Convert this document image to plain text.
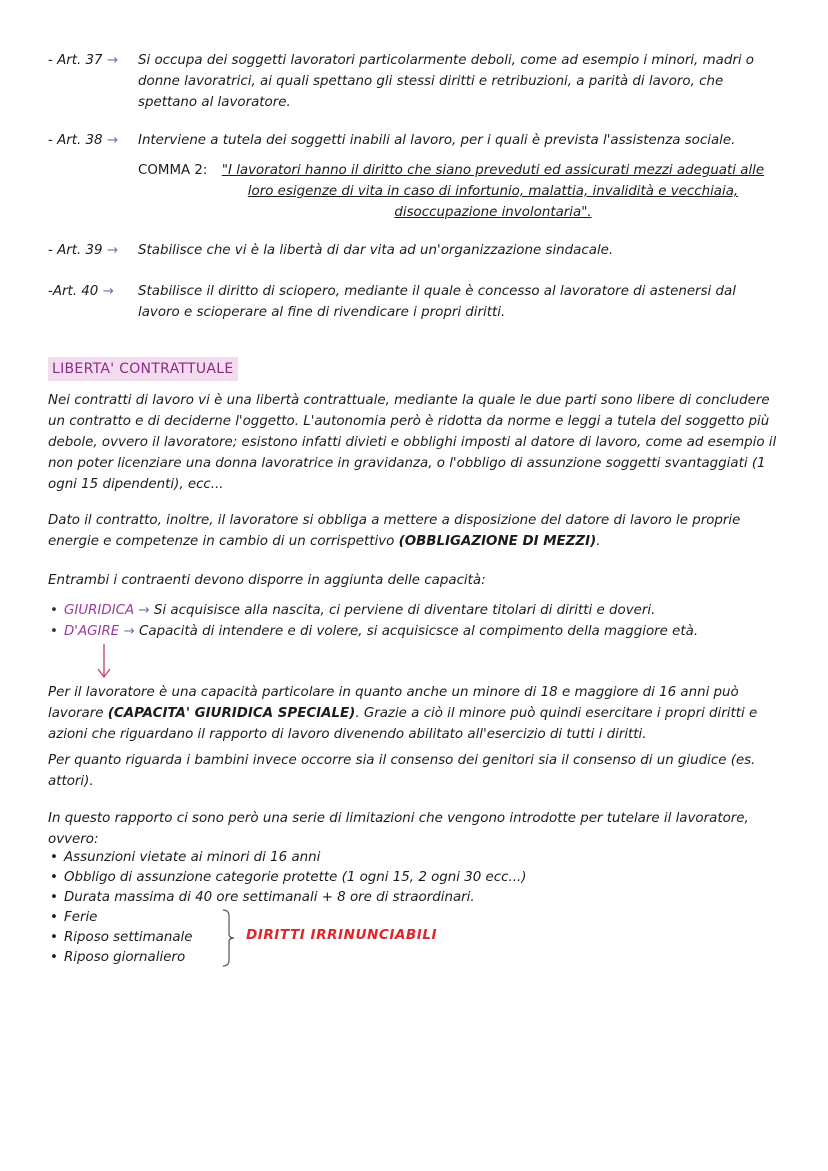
- Art. 37 → Si occupa dei soggetti lavoratori particolarmente deboli, come ad esempio i minori, madri o donne lavoratrici, ai quali spettano gli stessi diritti e retribuzioni, a parità di lavoro, che spettano al lavoratore.
- Art. 38 → Interviene a tutela dei soggetti inabili al lavoro, per i quali è prevista l'assistenza sociale.
COMMA 2:	"I lavoratori hanno il diritto che siano preveduti ed assicurati mezzi adeguati alle loro esigenze di vita in caso di infortunio, malattia, invalidità e vecchiaia, disoccupazione involontaria".
- Art. 39 → Stabilisce che vi è la libertà di dar vita ad un'organizzazione sindacale.
-Art. 40 → Stabilisce il diritto di sciopero, mediante il quale è concesso al lavoratore di astenersi dal lavoro e scioperare al fine di rivendicare i propri diritti.
LIBERTA' CONTRATTUALE
Nei contratti di lavoro vi è una libertà contrattuale, mediante la quale le due parti sono libere di concludere un contratto e di deciderne l'oggetto. L'autonomia però è ridotta da norme e leggi a tutela del soggetto più debole, ovvero il lavoratore; esistono infatti divieti e obblighi imposti al datore di lavoro, come ad esempio il non poter licenziare una donna lavoratrice in gravidanza, o l'obbligo di assunzione soggetti svantaggiati (1 ogni 15 dipendenti), ecc...
Dato il contratto, inoltre, il lavoratore si obbliga a mettere a disposizione del datore di lavoro le proprie energie e competenze in cambio di un corrispettivo (OBBLIGAZIONE DI MEZZI).
Entrambi i contraenti devono disporre in aggiunta delle capacità:
• GIURIDICA → Si acquisisce alla nascita, ci perviene di diventare titolari di diritti e doveri.
• D'AGIRE → Capacità di intendere e di volere, si acquisicsce al compimento della maggiore età.
Per il lavoratore è una capacità particolare in quanto anche un minore di 18 e maggiore di 16 anni può lavorare (CAPACITA' GIURIDICA SPECIALE). Grazie a ciò il minore può quindi esercitare i propri diritti e azioni che riguardano il rapporto di lavoro divenendo abilitato all'esercizio di tutti i diritti.
Per quanto riguarda i bambini invece occorre sia il consenso dei genitori sia il consenso di un giudice (es. attori).
In questo rapporto ci sono però una serie di limitazioni che vengono introdotte per tutelare il lavoratore, ovvero:
• Assunzioni vietate ai minori di 16 anni
• Obbligo di assunzione categorie protette (1 ogni 15, 2 ogni 30 ecc...)
• Durata massima di 40 ore settimanali + 8 ore di straordinari.
• Ferie
• Riposo settimanale
• Riposo giornaliero
DIRITTI IRRINUNCIABILI
